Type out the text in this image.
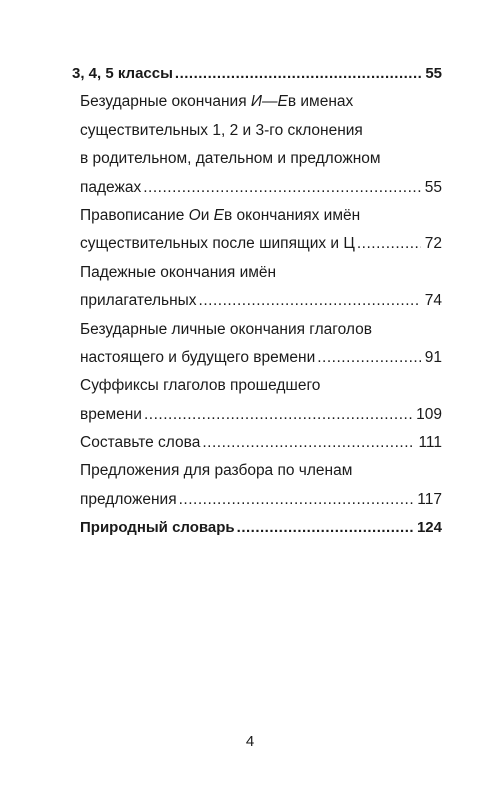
3, 4, 5 классы .....	55
Безударные окончания И—Ев именах
существительных 1, 2 и 3-го склонения
в родительном, дательном и предложном
падежах .....	55
Правописание Ои Ев окончаниях имён
существительных после шипящих и Ц .....	72
Падежные окончания имён
прилагательных .....	74
Безударные личные окончания глаголов
настоящего и будущего времени .....	91
Суффиксы глаголов прошедшего
времени .....	109
Составьте слова .....	111
Предложения для разбора по членам
предложения .....	117
Природный словарь .....	124
4
